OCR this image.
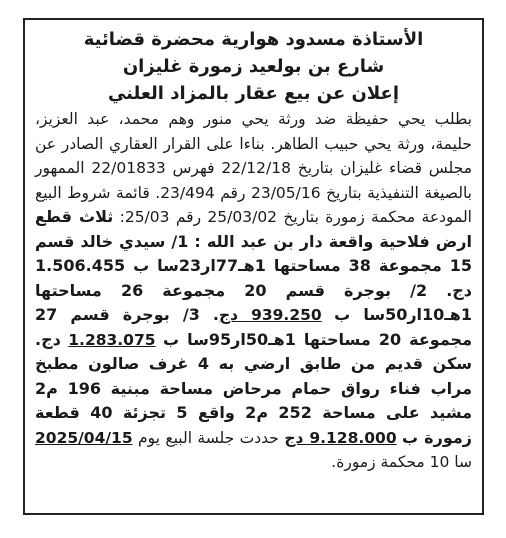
الأستاذة مسدود هوارية محضرة قضائية
شارع بن بولعيد زمورة غليزان
إعلان عن بيع عقار بالمزاد العلني
بطلب يحي حفيظة ضد ورثة يحي منور وهم محمد، عبد العزيز، حليمة، ورثة يحي حبيب الطاهر. بناءا على القرار العقاري الصادر عن مجلس قضاء غليزان بتاريخ 22/12/18 فهرس 22/01833 الممهور بالصيغة التنفيذية بتاريخ 23/05/16 رقم 23/494. قائمة شروط البيع المودعة محكمة زمورة بتاريخ 25/03/02 رقم 25/03: ثلاث قطع ارض فلاحية واقعة دار بن عبد الله : 1/ سيدي خالد قسم 15 مجموعة 38 مساحتها 1هـ77ار23سا ب 1.506.455 دج. 2/ بوجرة قسم 20 مجموعة 26 مساحتها 1هـ10ار50سا ب 939.250 دج. 3/ بوجرة قسم 27 مجموعة 20 مساحتها 1هـ50ار95سا ب 1.283.075 دج. سكن قديم من طابق ارضي به 4 غرف صالون مطبخ مراب فناء رواق حمام مرحاض مساحة مبنية 196 م2 مشيد على مساحة 252 م2 واقع 5 تجزئة 40 قطعة زمورة ب 9.128.000 دج حددت جلسة البيع يوم 2025/04/15 سا 10 محكمة زمورة.
